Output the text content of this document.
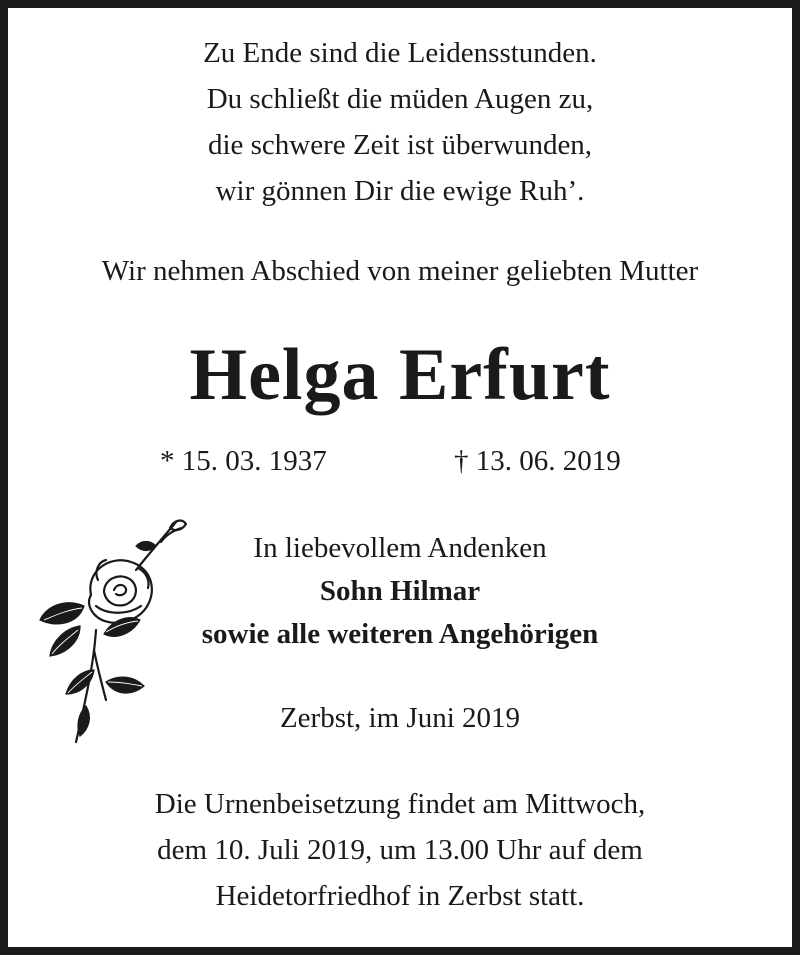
Zu Ende sind die Leidensstunden.
Du schließt die müden Augen zu,
die schwere Zeit ist überwunden,
wir gönnen Dir die ewige Ruh’.
Wir nehmen Abschied von meiner geliebten Mutter
Helga Erfurt
* 15. 03. 1937	† 13. 06. 2019
In liebevollem Andenken
Sohn Hilmar
sowie alle weiteren Angehörigen
Zerbst, im Juni 2019
Die Urnenbeisetzung findet am Mittwoch,
dem 10. Juli 2019, um 13.00 Uhr auf dem
Heidetorfriedhof in Zerbst statt.
